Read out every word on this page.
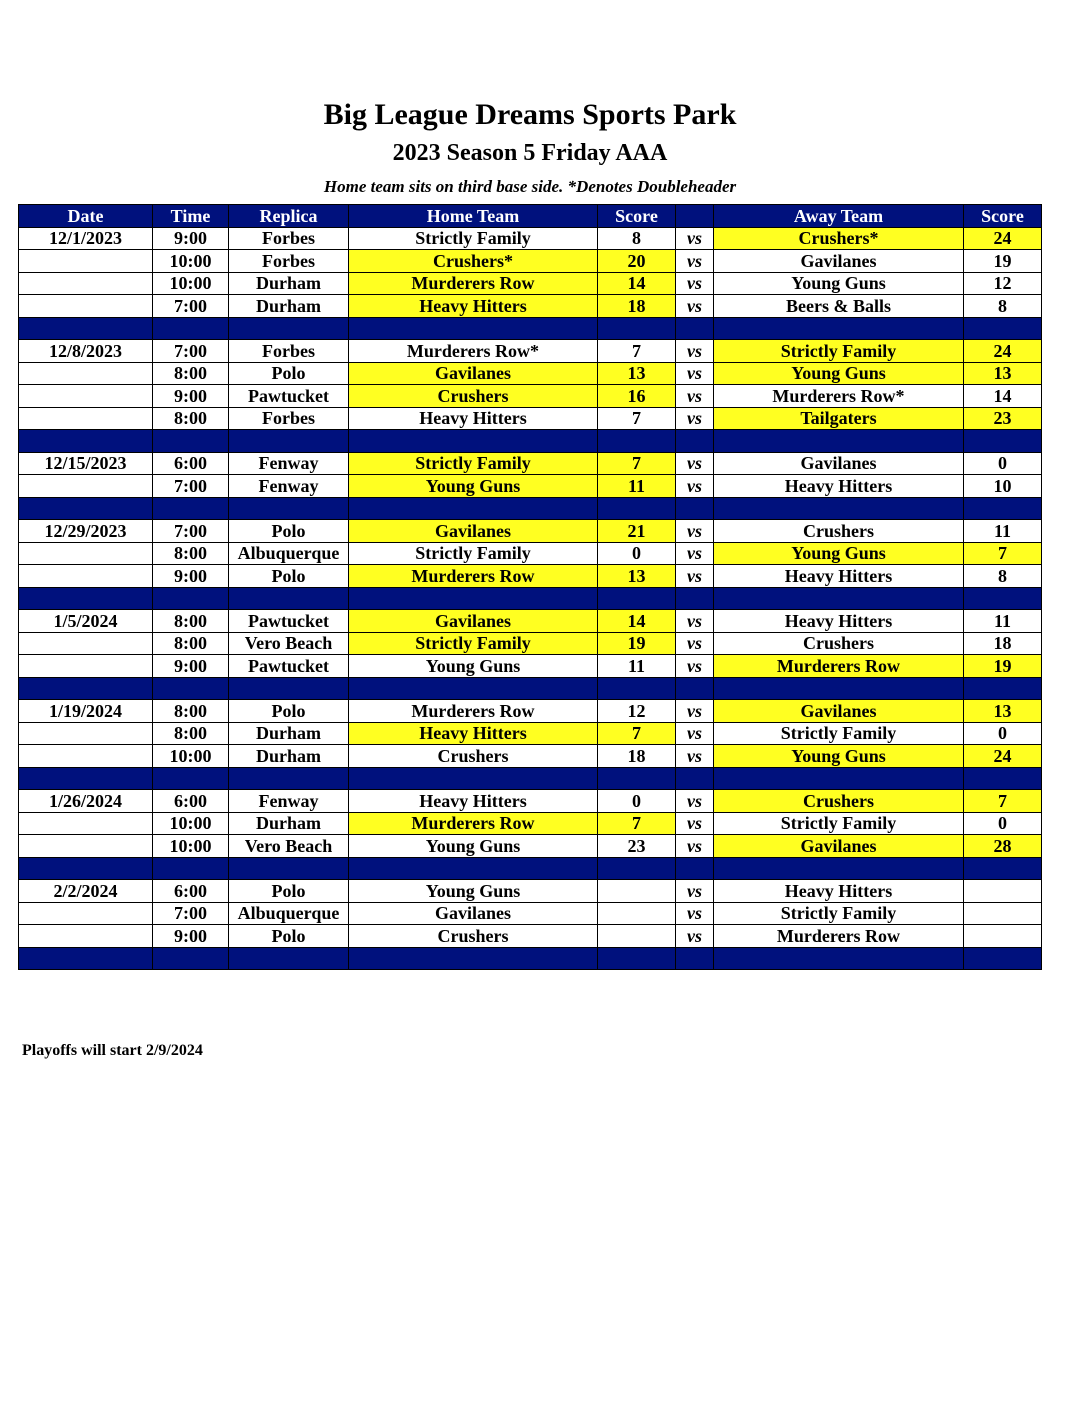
Big League Dreams Sports Park
2023 Season 5 Friday AAA
Home team sits on third base side. *Denotes Doubleheader
Date	Time	Replica	Home Team	Score		Away Team	Score
12/1/2023	9:00	Forbes	Strictly Family	8	vs	Crushers*	24
	10:00	Forbes	Crushers*	20	vs	Gavilanes	19
	10:00	Durham	Murderers Row	14	vs	Young Guns	12
	7:00	Durham	Heavy Hitters	18	vs	Beers & Balls	8

12/8/2023	7:00	Forbes	Murderers Row*	7	vs	Strictly Family	24
	8:00	Polo	Gavilanes	13	vs	Young Guns	13
	9:00	Pawtucket	Crushers	16	vs	Murderers Row*	14
	8:00	Forbes	Heavy Hitters	7	vs	Tailgaters	23

12/15/2023	6:00	Fenway	Strictly Family	7	vs	Gavilanes	0
	7:00	Fenway	Young Guns	11	vs	Heavy Hitters	10

12/29/2023	7:00	Polo	Gavilanes	21	vs	Crushers	11
	8:00	Albuquerque	Strictly Family	0	vs	Young Guns	7
	9:00	Polo	Murderers Row	13	vs	Heavy Hitters	8

1/5/2024	8:00	Pawtucket	Gavilanes	14	vs	Heavy Hitters	11
	8:00	Vero Beach	Strictly Family	19	vs	Crushers	18
	9:00	Pawtucket	Young Guns	11	vs	Murderers Row	19

1/19/2024	8:00	Polo	Murderers Row	12	vs	Gavilanes	13
	8:00	Durham	Heavy Hitters	7	vs	Strictly Family	0
	10:00	Durham	Crushers	18	vs	Young Guns	24

1/26/2024	6:00	Fenway	Heavy Hitters	0	vs	Crushers	7
	10:00	Durham	Murderers Row	7	vs	Strictly Family	0
	10:00	Vero Beach	Young Guns	23	vs	Gavilanes	28

2/2/2024	6:00	Polo	Young Guns		vs	Heavy Hitters	
	7:00	Albuquerque	Gavilanes		vs	Strictly Family	
	9:00	Polo	Crushers		vs	Murderers Row	

Playoffs will start 2/9/2024
